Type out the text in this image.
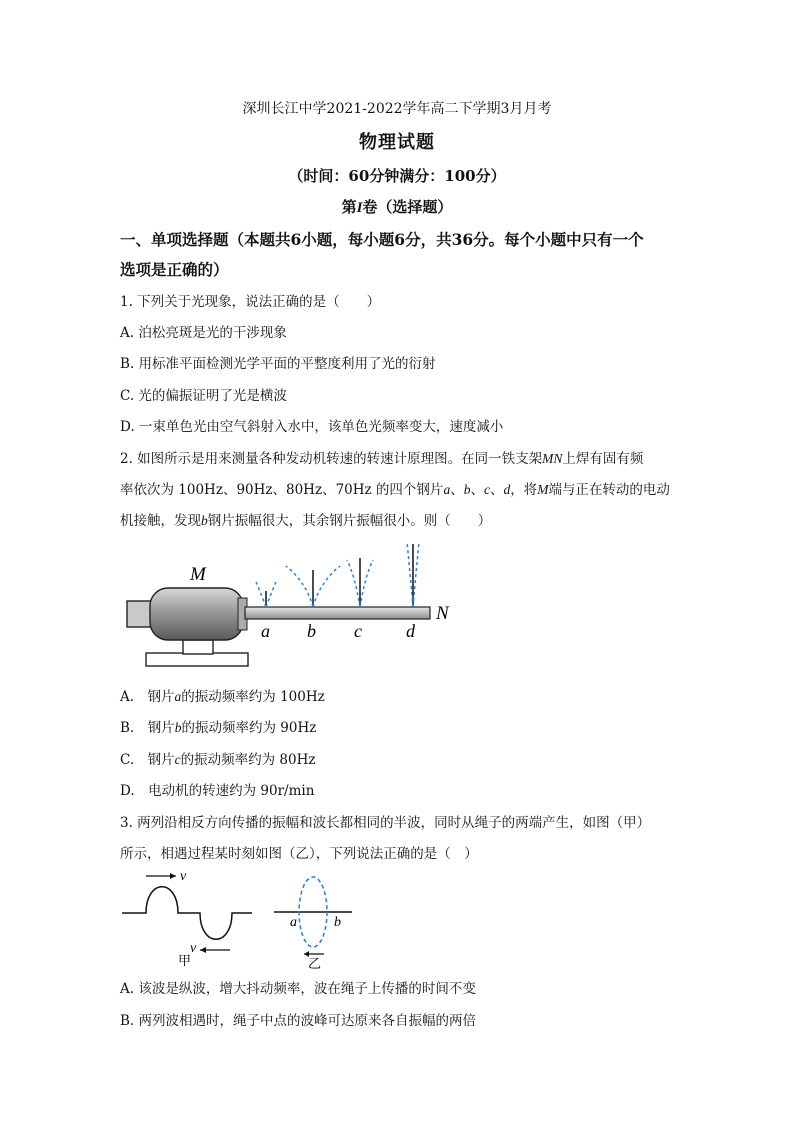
深圳长江中学2021-2022学年高二下学期3月月考
物理试题
（时间：60分钟满分：100分）
第I卷（选择题）
一、单项选择题（本题共6小题，每小题6分，共36分。每个小题中只有一个
选项是正确的）
1. 下列关于光现象，说法正确的是（　　）
A. 泊松亮斑是光的干涉现象
B. 用标准平面检测光学平面的平整度利用了光的衍射
C. 光的偏振证明了光是横波
D. 一束单色光由空气斜射入水中，该单色光频率变大，速度减小
2. 如图所示是用来测量各种发动机转速的转速计原理图。在同一铁支架MN上焊有固有频
率依次为 100Hz、90Hz、80Hz、70Hz 的四个钢片a、b、c、d，将M端与正在转动的电动
机接触，发现b钢片振幅很大，其余钢片振幅很小。则（　　）
M
N
a b c d
A.　钢片a的振动频率约为 100Hz
B.　钢片b的振动频率约为 90Hz
C.　钢片c的振动频率约为 80Hz
D.　电动机的转速约为 90r/min
3. 两列沿相反方向传播的振幅和波长都相同的半波，同时从绳子的两端产生，如图（甲）
所示，相遇过程某时刻如图（乙），下列说法正确的是（　）
v
v
甲
a	b
乙
A. 该波是纵波，增大抖动频率，波在绳子上传播的时间不变
B. 两列波相遇时，绳子中点的波峰可达原来各自振幅的两倍
